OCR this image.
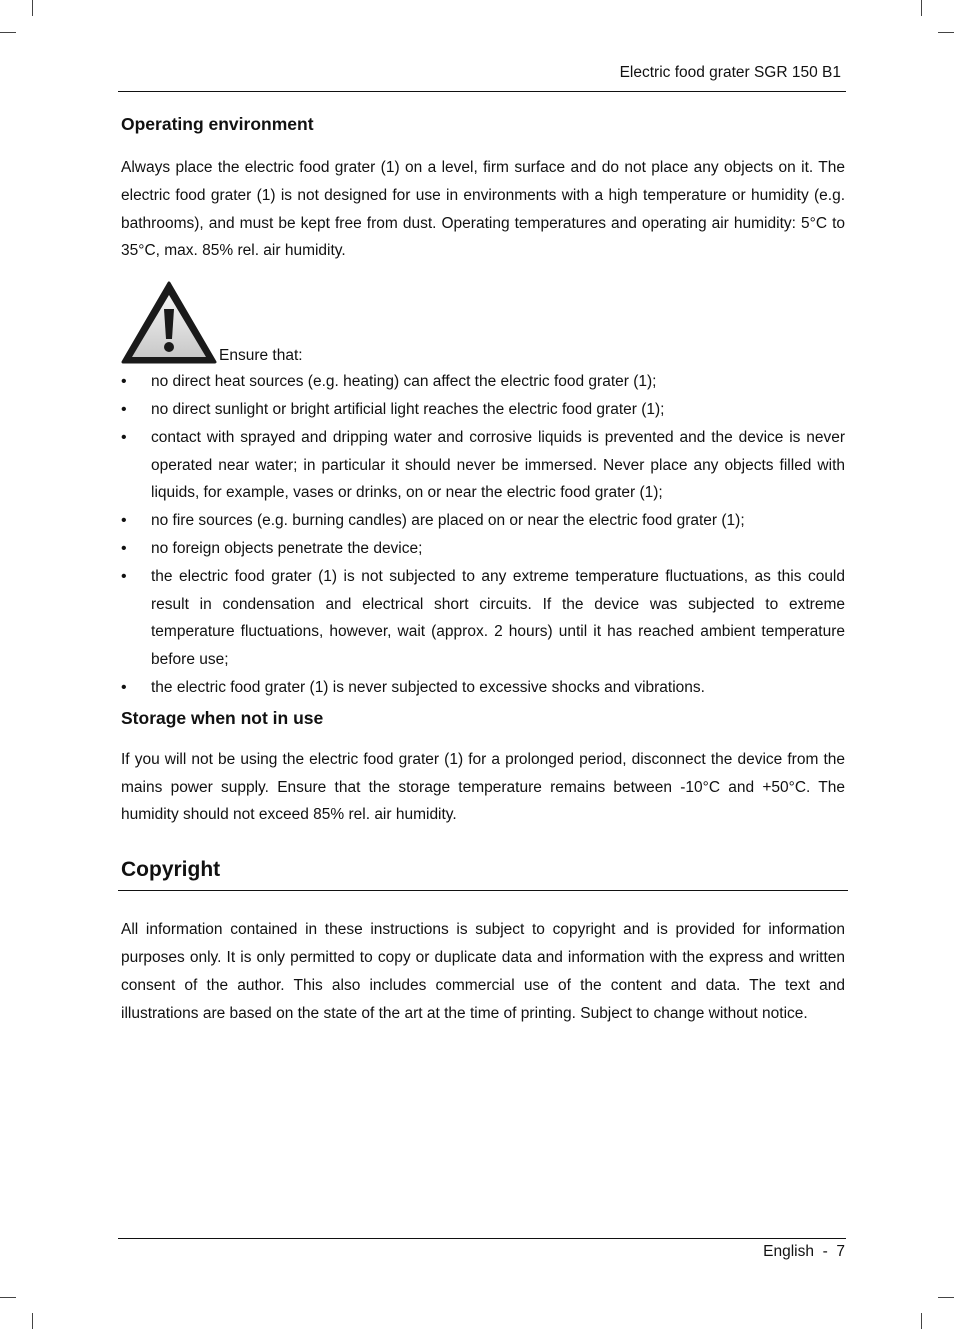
Electric food grater SGR 150 B1
Operating environment

Always place the electric food grater (1) on a level, firm surface and do not place any objects on it. The electric food grater (1) is not designed for use in environments with a high temperature or humidity (e.g. bathrooms), and must be kept free from dust. Operating temperatures and operating air humidity: 5°C to 35°C, max. 85% rel. air humidity.

Ensure that:
• no direct heat sources (e.g. heating) can affect the electric food grater (1);
• no direct sunlight or bright artificial light reaches the electric food grater (1);
• contact with sprayed and dripping water and corrosive liquids is prevented and the device is never operated near water; in particular it should never be immersed. Never place any objects filled with liquids, for example, vases or drinks, on or near the electric food grater (1);
• no fire sources (e.g. burning candles) are placed on or near the electric food grater (1);
• no foreign objects penetrate the device;
• the electric food grater (1) is not subjected to any extreme temperature fluctuations, as this could result in condensation and electrical short circuits. If the device was subjected to extreme temperature fluctuations, however, wait (approx. 2 hours) until it has reached ambient temperature before use;
• the electric food grater (1) is never subjected to excessive shocks and vibrations.
Storage when not in use

If you will not be using the electric food grater (1) for a prolonged period, disconnect the device from the mains power supply. Ensure that the storage temperature remains between -10°C and +50°C. The humidity should not exceed 85% rel. air humidity.

Copyright

All information contained in these instructions is subject to copyright and is provided for information purposes only. It is only permitted to copy or duplicate data and information with the express and written consent of the author. This also includes commercial use of the content and data. The text and illustrations are based on the state of the art at the time of printing. Subject to change without notice.

English  -  7
